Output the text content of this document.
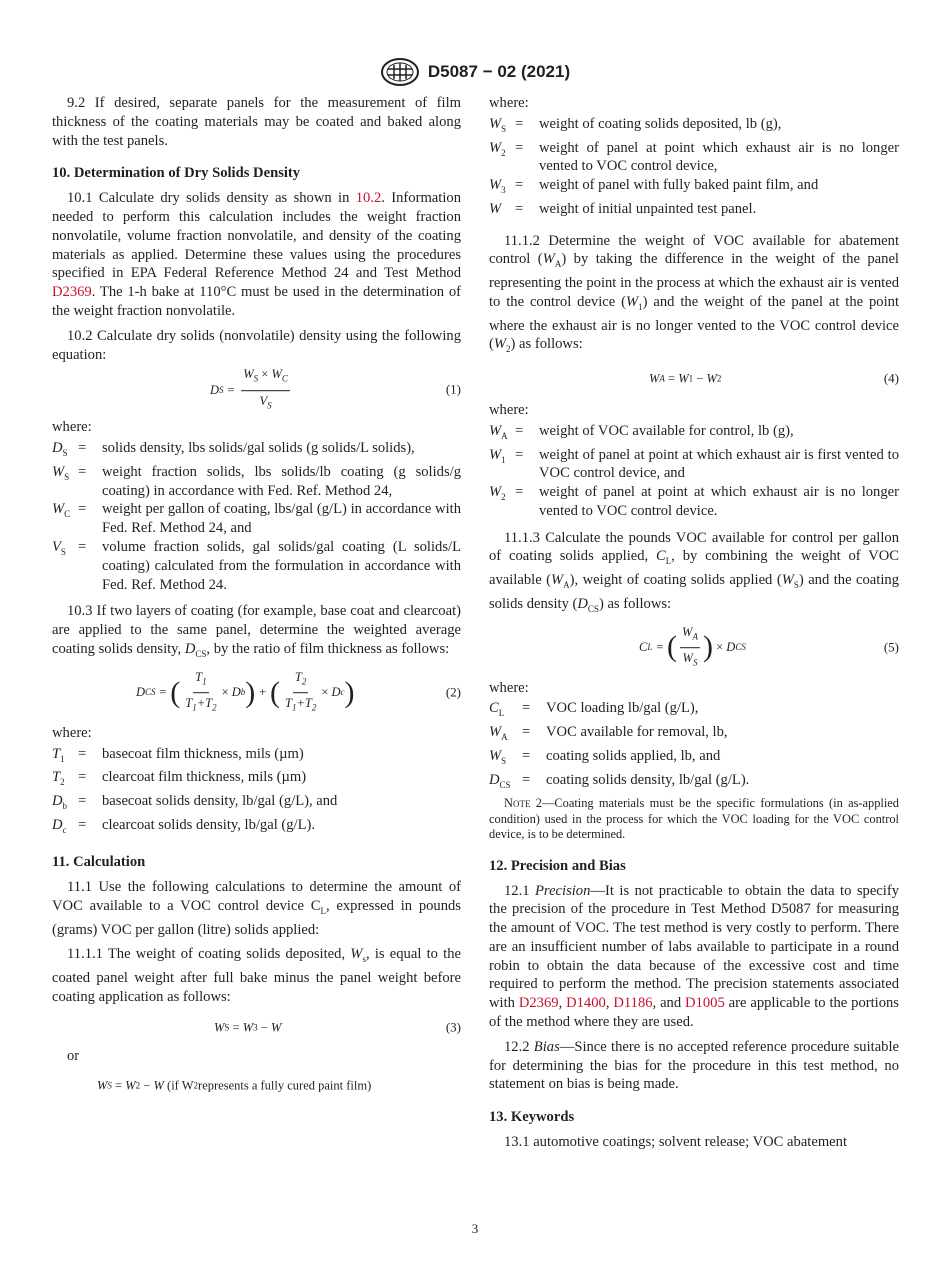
D5087 − 02 (2021)

9.2 If desired, separate panels for the measurement of film thickness of the coating materials may be coated and baked along with the test panels.

10. Determination of Dry Solids Density

10.1 Calculate dry solids density as shown in 10.2. Information needed to perform this calculation includes the weight fraction nonvolatile, volume fraction nonvolatile, and density of the coating materials as applied. Determine these values using the procedures specified in EPA Federal Reference Method 24 and Test Method D2369. The 1-h bake at 110°C must be used in the determination of the weight fraction nonvolatile.

10.2 Calculate dry solids (nonvolatile) density using the following equation:

D $S = \frac{W_S \times W_C}{V_S}$	(1)
where:
$D_S$ =	solids density, lbs solids/gal solids (g solids/L solids),
$W_S$ =	weight fraction solids, lbs solids/lb coating (g solids/g coating) in accordance with Fed. Ref. Method 24,
$W_C$ =	weight per gallon of coating, lbs/gal (g/L) in accordance with Fed. Ref. Method 24, and
$V_S$ =	volume fraction solids, gal solids/gal coating (L solids/L coating) calculated from the formulation in accordance with Fed. Ref. Method 24.

10.3 If two layers of coating (for example, base coat and clearcoat) are applied to the same panel, determine the weighted average coating solids density, $D_{CS}$, by the ratio of film thickness as follows:

D CS = ( $\frac{T_1}{T_1+T_2} \times D$ b ) + ( $\frac{T_2}{T_1+T_2} \times D$ c )	(2)
where:
$T_1$ =	basecoat film thickness, mils (µm)
$T_2$ =	clearcoat film thickness, mils (µm)
$D_b$ =	basecoat solids density, lb/gal (g/L), and
$D_c$ =	clearcoat solids density, lb/gal (g/L).
11. Calculation

11.1 Use the following calculations to determine the amount of VOC available to a VOC control device $C_L$, expressed in pounds (grams) VOC per gallon (litre) solids applied:

11.1.1 The weight of coating solids deposited, $W_s$, is equal to the coated panel weight after full bake minus the panel weight before coating application as follows:

W S
= W 3
− W	(3)

or

W S
= W 2
− W ( if W 2 represents a fully cured paint film )
where:
$W_S$ =	weight of coating solids deposited, lb (g),
$W_2$ =	weight of panel at point which exhaust air is no longer vented to VOC control device,
$W_3$ =	weight of panel with fully baked paint film, and
W =	weight of initial unpainted test panel.

11.1.2 Determine the weight of VOC available for abatement control $(W_A)$ by taking the difference in the weight of the panel representing the point in the process at which the exhaust air is vented to the control device $(W_1)$ and the weight of the panel at the point where the exhaust air is no longer vented to the VOC control device $(W_2)$ as follows:

W A
= W 1
− W 2	(4)
where:
$W_A$ =	weight of VOC available for control, lb (g),
$W_1$ =	weight of panel at point at which exhaust air is first vented to VOC control device, and
$W_2$ =	weight of panel at point at which exhaust air is no longer vented to VOC control device.

11.1.3 Calculate the pounds VOC available for control per gallon of coating solids applied, $C_L$, by combining the weight of VOC available $(W_A)$, weight of coating solids applied $(W_S)$ and the coating solids density $(D_{CS})$ as follows:

C L = ( $\frac{W_A}{W_S}$ )
× D CS	(5)
where:
$C_L$	=	VOC loading lb/gal (g/L),
$W_A$ =	VOC available for removal, lb,
$W_S$	=	coating solids applied, lb, and
$D_{CS}$ =	coating solids density, lb/gal (g/L).
Note 2—Coating materials must be the specific formulations (in as-applied condition) used in the process for which the VOC loading for the VOC control device, is to be determined.
12. Precision and Bias

12.1 Precision—It is not practicable to obtain the data to specify the precision of the procedure in Test Method D5087 for measuring the amount of VOC. The test method is very costly to perform. There are an insufficient number of labs available to participate in a round robin to obtain the data because of the excessive cost and time required to perform the method. The precision statements associated with D2369, D1400, D1186, and D1005 are applicable to the portions of the method where they are used.

12.2 Bias—Since there is no accepted reference procedure suitable for determining the bias for the procedure in this test method, no statement on bias is being made.

13. Keywords

13.1 automotive coatings; solvent release; VOC abatement

3
